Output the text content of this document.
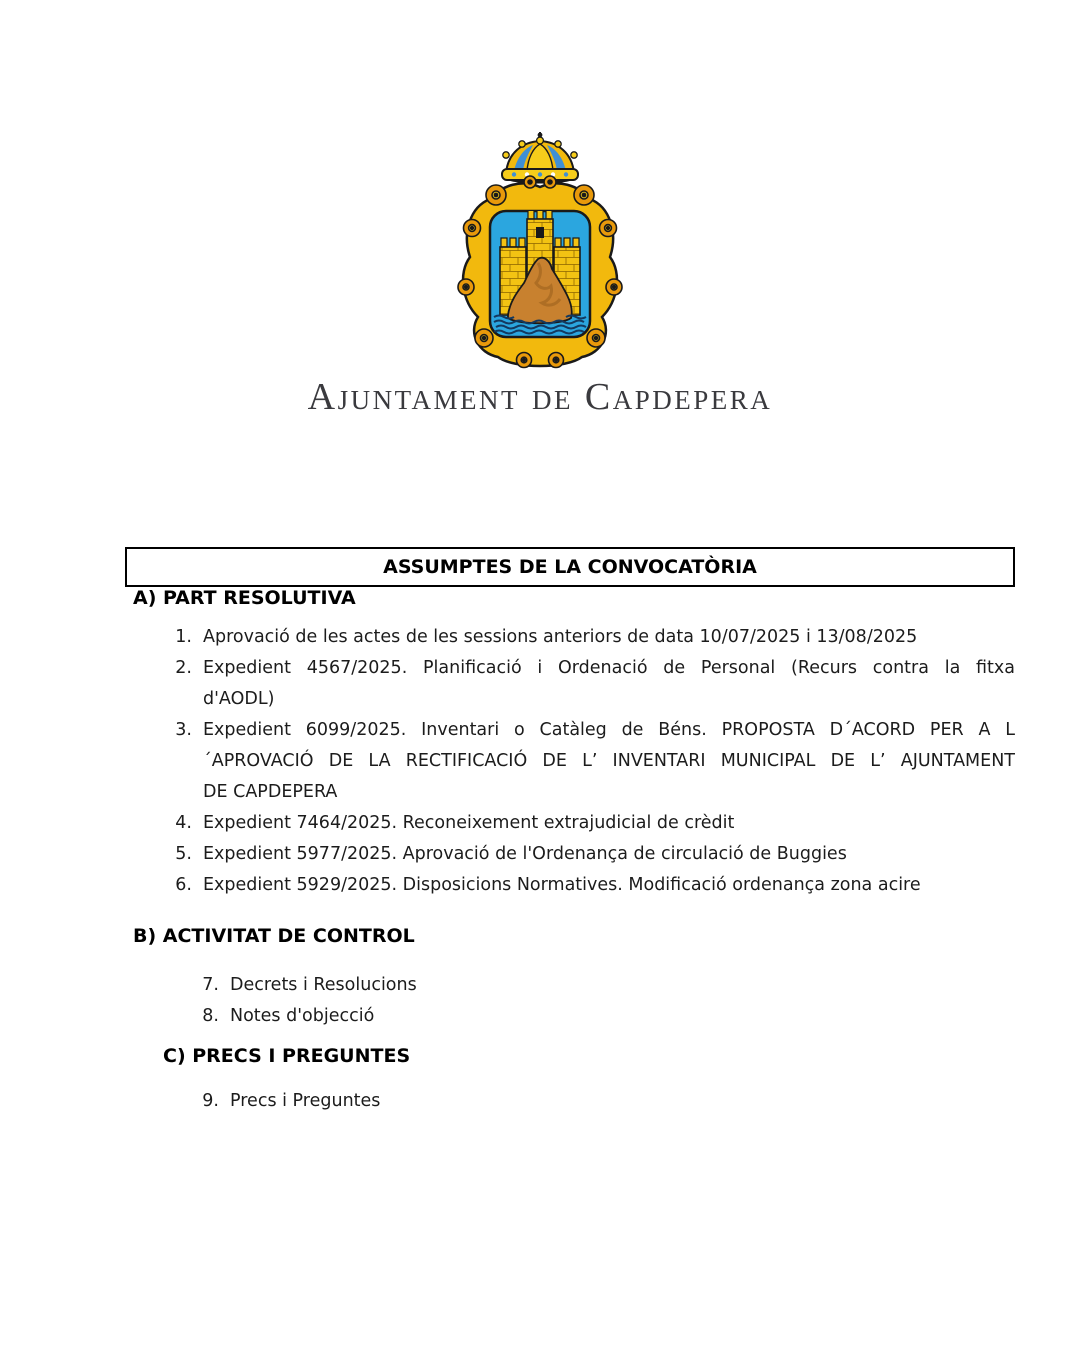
Ajuntament de Capdepera
ASSUMPTES DE LA CONVOCATÒRIA
A) PART RESOLUTIVA
1. Aprovació de les actes de les sessions anteriors de data 10/07/2025 i 13/08/2025
2. Expedient 4567/2025. Planificació i Ordenació de Personal (Recurs contra la fitxa
d'AODL)
3. Expedient 6099/2025. Inventari o Catàleg de Béns. PROPOSTA D´ACORD PER A L
´APROVACIÓ DE LA RECTIFICACIÓ DE L’ INVENTARI MUNICIPAL DE L’ AJUNTAMENT
DE CAPDEPERA
4. Expedient 7464/2025. Reconeixement extrajudicial de crèdit
5. Expedient 5977/2025. Aprovació de l'Ordenança de circulació de Buggies
6. Expedient 5929/2025. Disposicions Normatives. Modificació ordenança zona acire
B) ACTIVITAT DE CONTROL
7. Decrets i Resolucions
8. Notes d'objecció
C) PRECS I PREGUNTES
9. Precs i Preguntes
